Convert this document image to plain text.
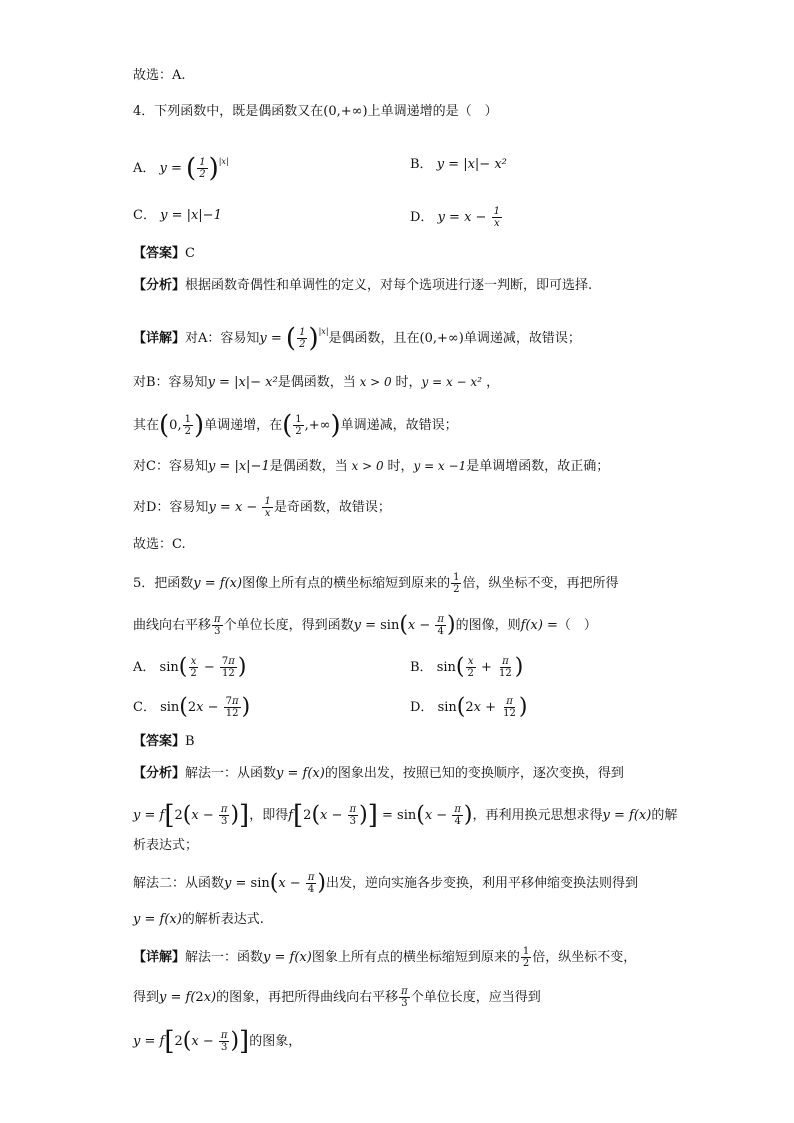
故选：A.
4．下列函数中，既是偶函数又在(0,+∞)上单调递增的是（　）
A． y = ( $\frac{1}{2} )^{|x|}$	B． y = |x|− x²
C． y = |x|−1	D． $y = x - \frac{1}{x}$
【答案】C
【分析】根据函数奇偶性和单调性的定义，对每个选项进行逐一判断，即可选择.
【详解】对A：容易知y = ( $\frac{1}{2} )^{|x|}$是偶函数，且在(0,+∞)单调递减，故错误；
对B：容易知y = |x|− x²是偶函数，当 x > 0 时，y = x − x² ，
其在(0, $\frac{1}{2}$ )单调递增，在( $\frac{1}{2}$ ,+∞)单调递减，故错误；
对C：容易知y = |x|−1是偶函数，当 x > 0 时，y = x −1是单调增函数，故正确；
对D：容易知$y = x - \frac{1}{x}$ 是奇函数，故错误；
故选：C.
5．把函数y = f(x)图像上所有点的横坐标缩短到原来的 $\frac{1}{2}$ 倍，纵坐标不变，再把所得
曲线向右平移 $\frac{\pi}{3}$ 个单位长度，得到函数$y = \sin(x - \frac{\pi}{4}$ )的图像，则f(x) =（　）
A． $\sin( \frac{x}{2} - \frac{7\pi}{12}$ )	B． $\sin( \frac{x}{2} + \frac{\pi}{12}$ )
C． $\sin(2x - \frac{7\pi}{12}$ )	D． $\sin(2x + \frac{\pi}{12}$ )
【答案】B
【分析】解法一：从函数y = f(x)的图象出发，按照已知的变换顺序，逐次变换，得到
$y = f[2(x - \frac{\pi}{3}$ )]，即得$f[2(x - \frac{\pi}{3}$ )] = $\sin(x - \frac{\pi}{4}$ )，再利用换元思想求得y = f(x)的解
析表达式；
解法二：从函数$y = \sin(x - \frac{\pi}{4}$ )出发，逆向实施各步变换，利用平移伸缩变换法则得到
y = f(x)的解析表达式.
【详解】解法一：函数y = f(x)图象上所有点的横坐标缩短到原来的 $\frac{1}{2}$ 倍，纵坐标不变，
得到y = f(2x)的图象，再把所得曲线向右平移 $\frac{\pi}{3}$ 个单位长度，应当得到
$y = f[2(x - \frac{\pi}{3}$ )]的图象，
